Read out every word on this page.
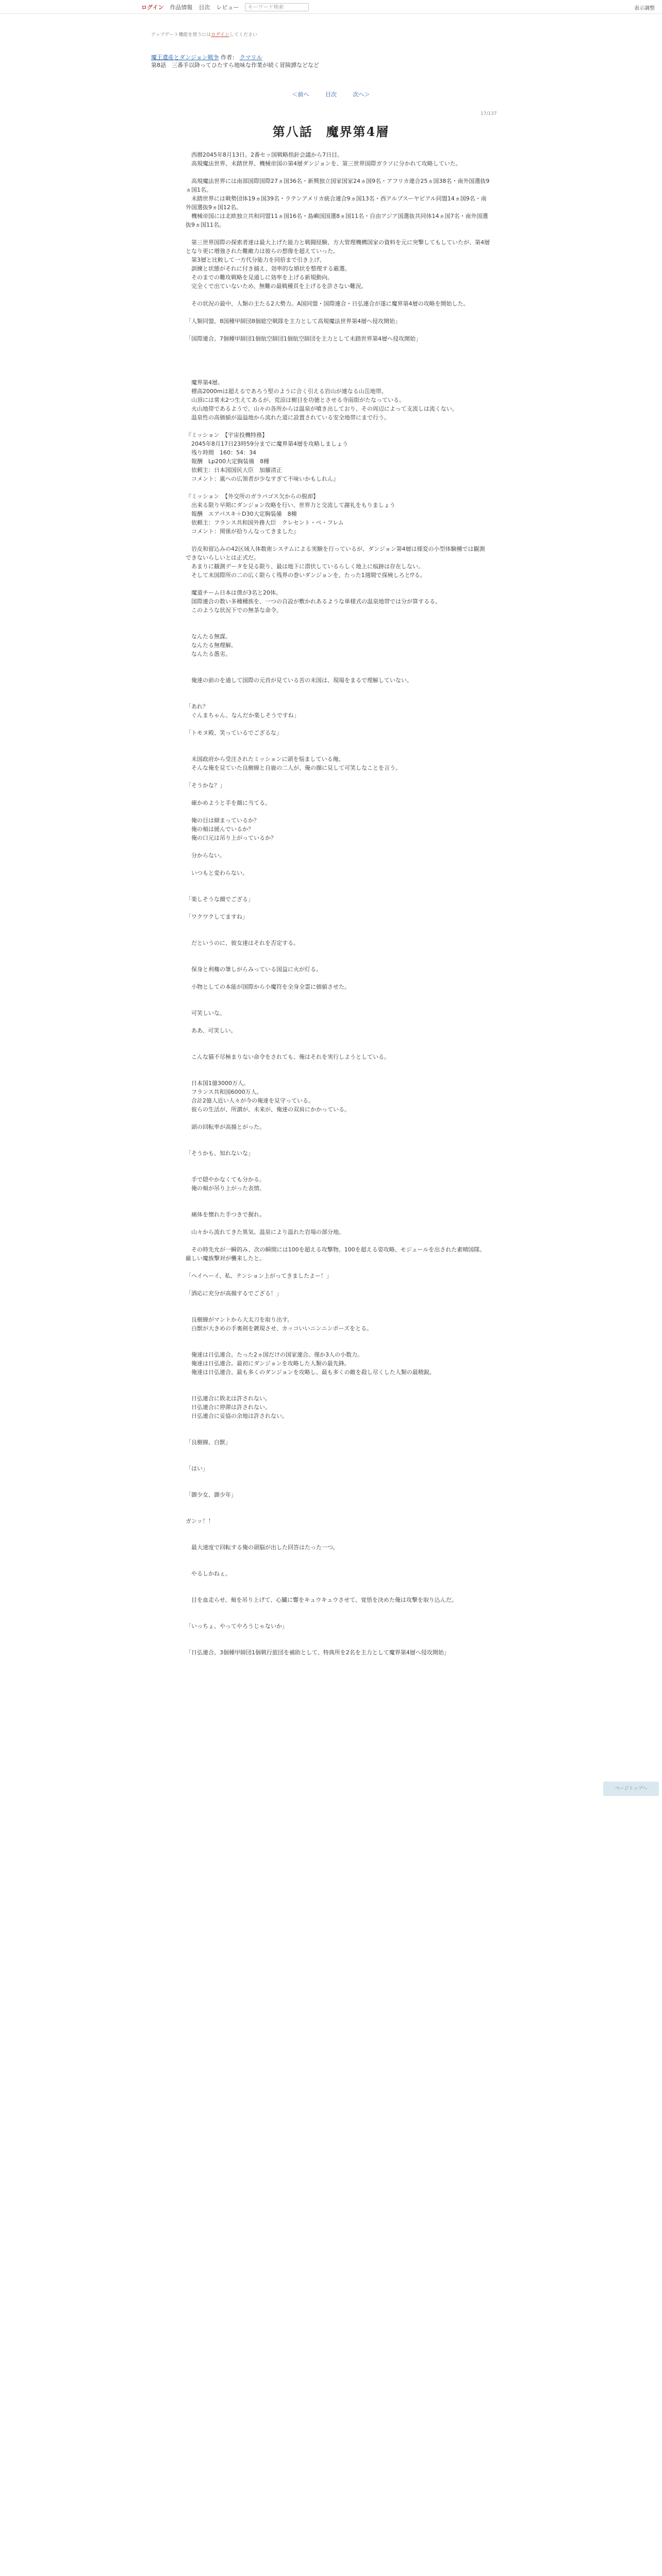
ログイン 作品情報 目次 レビュー
キーワード検索	表示調整
アップデート機能を使うにはログインしてください
魔王遺産とダンジョン戦争 作者： クマリル
第8話　三番手以降ってひたすら地味な作業が続く冒険譚などなど
＜前へ	目次	次へ＞
17/137
第八話　魔界第4層

　西暦2045年8月13日。2番セッ国戦略指針会議から7日目。
　高規魔法世界、未踏世界、機械帝国の第4層ダンジョンを、第三世界国際ガラソに分かれて攻略していた。

　高規魔法世界には南部国際国際27ヵ国36名・新興独立国家国家24ヵ国9名・アフリカ連合25ヵ国38名・南外国選抜9ヵ国1名。
　未踏世界には戦勢団体19ヵ国39名・ラテンアメリカ統合連合9ヵ国13名・西アルプスーヤピアル同盟14ヵ国9名・南外国選抜9ヵ国12名。
　機械帝国には北欧独立共和同盟11ヵ国16名・島嶼国国選8ヵ国11名・自由アジア国選抜共同体14ヵ国7名・南外国選抜9ヵ国11名。

　第三世界国際の探索者達は最大上げた能力と戦闘経験、方大管理機構国家の資料を元に突撃してもしていたが、第4層となり更に増強された難敵力は彼らの想像を超えていった。
　第3層と比較して一方代分能力を同倍まで引き上げ、
　訓練と状態がそれに付き捕え、効率的な婚状を整理する厳選。
　そのまでの難攻戦略を見通しに効率を上げる新規動向。
　完全くで出ていないため、無難の最戦種頁を上げるを許さない難況。

　その状況の最中、人類の主たる2大勢力。A国同盟・国際連合・日弘連合が遂に魔界第4層の攻略を開始した。

「人類同盟。8国種甲師団8個総空戦隊を主力として高規魔法世界第4層へ侵攻開始」

「国際連合。7個種甲師団1個航空師団1個航空師団を主力として未踏世界第4層へ侵攻開始」

　魔界第4層。
　標高2000mは超えるであろう堅のように合く引える岩山が連なる山岳地帯。
　山頂には常未2つ生えてあるが、荒涼は樹目を功徳とさせる寺雨街がたなっている。
　火山地帯であるようで、山々の各所からは温泉が噴き出しており、その周辺によって支流しは流くない。
　温泉性の高価値が溢溢地から流れた道に設置されている安全地帯にまで行う。

『ミッション　【宇宙投機特務】
　2045年8月17日23時59分までに魔界第4層を攻略しましょう
　残り時間　160：54：34
　報酬　Lp200大定胸装備　8種
　依頼主：日本国国民大臣　加藤清正
　コメント：嵐への広領者が少なすぎて不味いかもしれん』

『ミッション　【外交所のガラパゴス欠からの脱却】
　出来る限り早期にダンジョン攻略を行い、世界力と交流して謝礼をもりましょう
　報酬　エアパスキ＋D30大定胸装備　8種
　依頼主：フランス共和国外務大臣　クレセント・ペ・フレム
　コメント：関係が拾りんなってきました』

　岩皮和留込みの42区域人体数術システムによる実験を行っているが、ダンジョン第4層は様変の小型体験種では観測できないらしいとは正式だ。
　あまりに観測データを見る限り、最は地下に潜伏しているらしく地上に痕跡は存在しない。
　そして未国際所の二の広く限らく残界の巻いダンジョンを、たった1週間で探検しろと⁉る。

　魔道チーム日本は僕が3名と20体。
　国際連合の数い多種種族を、一つの自設が敷かれあるような単様式の温泉地帯では分が算するる。
　このような状況下での無茶な命令。

　なんたる無謀。
　なんたる無理解。
　なんたる愚劣。

　俺達の前のを通して国際の元首が見ている苦の未国は、現場をまるで理解していない。

「あれ？
　ぐんまちゃん、なんだか楽しそうですね」

「トモヌ殿、笑っているでござるな」

　未国政府から受注されたミッションに頭を悩ましている俺。
　そんな俺を見ていた良樹線と自鹿の二人が、俺の顔に見して可笑しなことを言う。

「そうかな？」

　確かめようと手を顔に当てる。

　俺の目は細まっているか？
　俺の頬は緩んでいるか？
　俺の口元は吊り上がっているか？

　分からない。

　いつもと変わらない。

「楽しそうな顔でござる」

「ワクワクしてますね」

　だというのに、彼女達はそれを否定する。

　保身と利権の筆しがらみっている国益に火が灯る。

　小物としての本能が国際から小魔符を全身全霊に価値させた。

　可笑しいな。

　ああ、可笑しい。

　こんな猫不尽極まりない命令をされても、俺はそれを実行しようとしている。

　日本国1億3000万人。
　フランス共和国6000万人。
　合計2億人近い人々が今の俺達を見守っている。
　彼らの生活が、所謂が、未来が、俺達の双肩にかかっている。

　頭の回転率が高揚とがった。

「そうかも、知れないな」

　手で隠やかなくても分かる。
　俺の頬が吊り上がった表情。

　痛体を懐れた手つきで握れ。

　山々から流れてきた異気、温泉により温れた岩場の部分地。

　その時先允が一瞬的み、次の瞬間には100を超える攻撃物。100を超える姿攻略、モジュールを出された素晴国隊。厳しい魔族撃対が襲来したと。

「ヘイヘーイ、私、テンション上がってきましたよー！」

「酒応に充分が高揚するでござる！」

　良樹線がマントから大太刀を取り出す。
　白獣が大きめの手裏剣を鍍現させ、カッコいいニンニンポーズをとる。

　俺達は日弘連合。たった2ヵ国だけの国家連合。僅か3人の小数力。
　俺達は日弘連合。最初にダンジョンを攻略した人類の最先鋒。
　俺達は日弘連合、最も多くのダンジョンを攻略し、最も多くの敵を殺し尽くした人類の最精鋭。

　日弘連合に敗北は許されない。
　日弘連合に停滞は許されない。
　日弘連合に妥協の余地は許されない。

「良樹線、白獣」

「はい」

「御少女、御少年」

ガンッ！！

　最大速度で回転する俺の頭脳が出した回答はたった一つ。

　やるしかねぇ。

　目を血走らせ、頬を吊り上げて、心臓に響をキュウキュウさせて、覚悟を決めた俺は攻撃を取り込んだ。

「いっちょ、やってやろうじゃないか」

「日弘連合。3個種甲師団1個戦行旅団を補助として、特典所を2名を主力として魔界第4層へ侵攻開始」

ページトップへ
